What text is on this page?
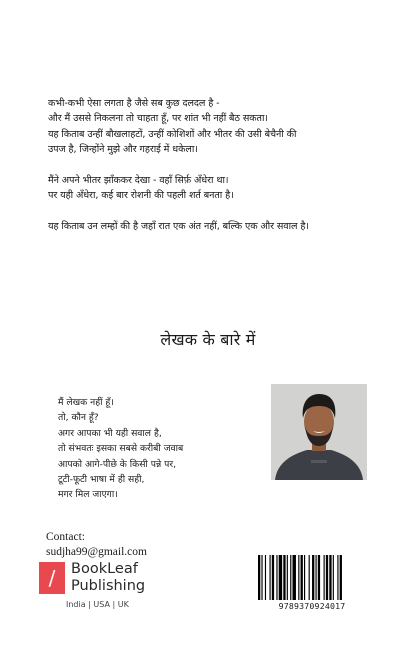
कभी-कभी ऐसा लगता है जैसे सब कुछ दलदल है -
और मैं उससे निकलना तो चाहता हूँ, पर शांत भी नहीं बैठ सकता।
यह किताब उन्हीं बौखलाहटों, उन्हीं कोशिशों और भीतर की उसी बेचैनी की
उपज है, जिन्होंने मुझे और गहराई में धकेला।

मैंने अपने भीतर झाँककर देखा - वहाँ सिर्फ़ अँधेरा था।
पर यही अँधेरा, कई बार रोशनी की पहली शर्त बनता है।

यह किताब उन लम्हों की है जहाँ रात एक अंत नहीं, बल्कि एक और सवाल है।

लेखक के बारे में
मैं लेखक नहीं हूँ।
तो, कौन हूँ?
अगर आपका भी यही सवाल है,
तो संभवतः इसका सबसे करीबी जवाब
आपको आगे-पीछे के किसी पन्ने पर,
टूटी-फूटी भाषा में ही सही,
मगर मिल जाएगा।
Contact:
sudjha99@gmail.com
/	BookLeaf
Publishing
India | USA | UK	9789370924017
